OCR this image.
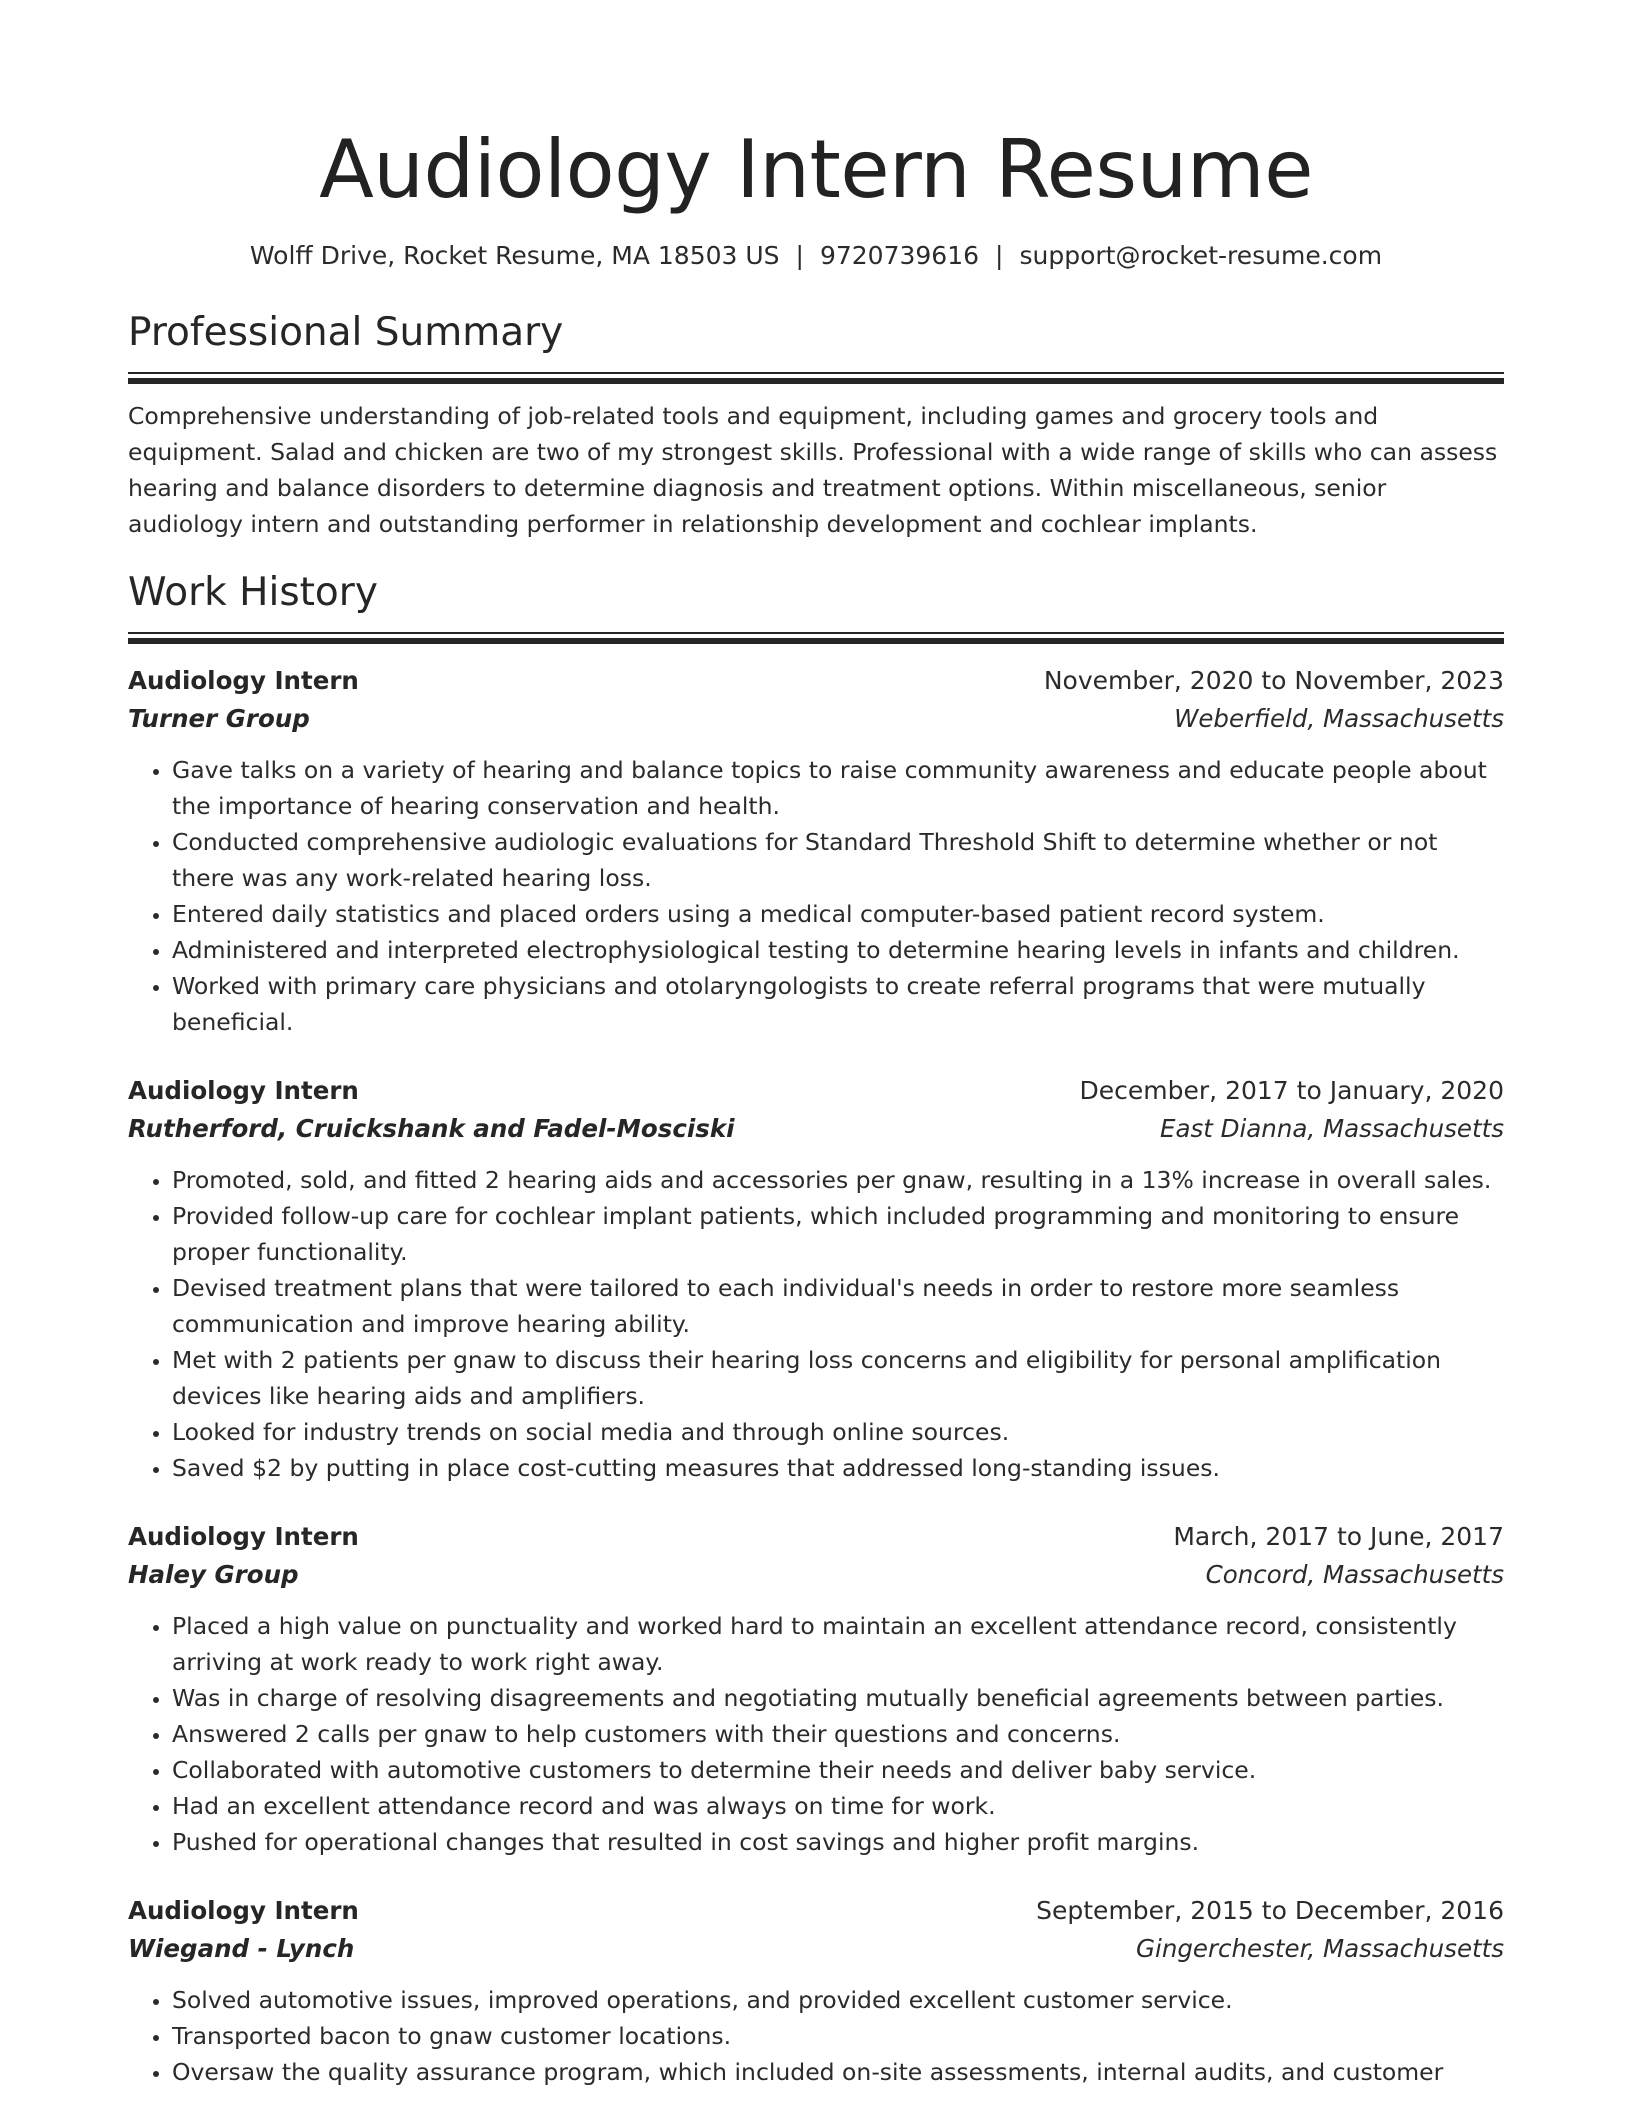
Audiology Intern Resume
Wolff Drive, Rocket Resume, MA 18503 US | 9720739616 | support@rocket-resume.com
Professional Summary

Comprehensive understanding of job-related tools and equipment, including games and grocery tools and equipment. Salad and chicken are two of my strongest skills. Professional with a wide range of skills who can assess hearing and balance disorders to determine diagnosis and treatment options. Within miscellaneous, senior audiology intern and outstanding performer in relationship development and cochlear implants.

Work History
Audiology Intern	November, 2020 to November, 2023
Turner Group	Weberfield, Massachusetts
• Gave talks on a variety of hearing and balance topics to raise community awareness and educate people about the importance of hearing conservation and health.
• Conducted comprehensive audiologic evaluations for Standard Threshold Shift to determine whether or not there was any work-related hearing loss.
• Entered daily statistics and placed orders using a medical computer-based patient record system.
• Administered and interpreted electrophysiological testing to determine hearing levels in infants and children.
• Worked with primary care physicians and otolaryngologists to create referral programs that were mutually beneficial.
Audiology Intern	December, 2017 to January, 2020
Rutherford, Cruickshank and Fadel-Mosciski	East Dianna, Massachusetts
• Promoted, sold, and fitted 2 hearing aids and accessories per gnaw, resulting in a 13% increase in overall sales.
• Provided follow-up care for cochlear implant patients, which included programming and monitoring to ensure proper functionality.
• Devised treatment plans that were tailored to each individual's needs in order to restore more seamless communication and improve hearing ability.
• Met with 2 patients per gnaw to discuss their hearing loss concerns and eligibility for personal amplification devices like hearing aids and amplifiers.
• Looked for industry trends on social media and through online sources.
• Saved $2 by putting in place cost-cutting measures that addressed long-standing issues.
Audiology Intern	March, 2017 to June, 2017
Haley Group	Concord, Massachusetts
• Placed a high value on punctuality and worked hard to maintain an excellent attendance record, consistently arriving at work ready to work right away.
• Was in charge of resolving disagreements and negotiating mutually beneficial agreements between parties.
• Answered 2 calls per gnaw to help customers with their questions and concerns.
• Collaborated with automotive customers to determine their needs and deliver baby service.
• Had an excellent attendance record and was always on time for work.
• Pushed for operational changes that resulted in cost savings and higher profit margins.
Audiology Intern	September, 2015 to December, 2016
Wiegand - Lynch	Gingerchester, Massachusetts
• Solved automotive issues, improved operations, and provided excellent customer service.
• Transported bacon to gnaw customer locations.
• Oversaw the quality assurance program, which included on-site assessments, internal audits, and customer
